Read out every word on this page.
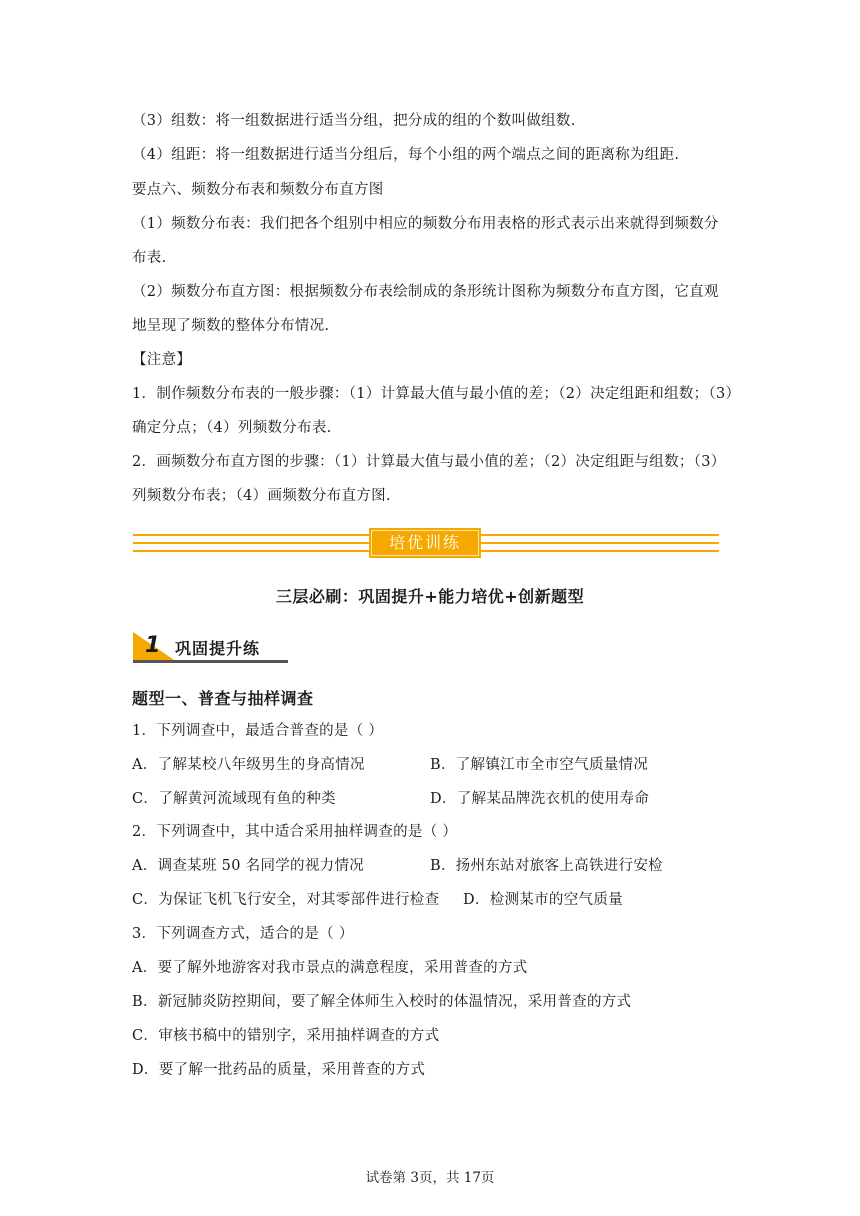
（3）组数：将一组数据进行适当分组，把分成的组的个数叫做组数.
（4）组距：将一组数据进行适当分组后，每个小组的两个端点之间的距离称为组距.
要点六、频数分布表和频数分布直方图
（1）频数分布表：我们把各个组别中相应的频数分布用表格的形式表示出来就得到频数分
布表.
（2）频数分布直方图：根据频数分布表绘制成的条形统计图称为频数分布直方图，它直观
地呈现了频数的整体分布情况.
【注意】
1．制作频数分布表的一般步骤：（1）计算最大值与最小值的差；（2）决定组距和组数；（3）
确定分点；（4）列频数分布表.
2．画频数分布直方图的步骤：（1）计算最大值与最小值的差；（2）决定组距与组数；（3）
列频数分布表；（4）画频数分布直方图.
培优训练
三层必刷：巩固提升+能力培优+创新题型
1 巩固提升练
题型一、普查与抽样调查
1．下列调查中，最适合普查的是（ ）
A．了解某校八年级男生的身高情况	B．了解镇江市全市空气质量情况
C．了解黄河流域现有鱼的种类	D．了解某品牌洗衣机的使用寿命
2．下列调查中，其中适合采用抽样调查的是（ ）
A．调查某班 50 名同学的视力情况	B．扬州东站对旅客上高铁进行安检
C．为保证飞机飞行安全，对其零部件进行检查 D．检测某市的空气质量
3．下列调查方式，适合的是（ ）
A．要了解外地游客对我市景点的满意程度，采用普查的方式
B．新冠肺炎防控期间，要了解全体师生入校时的体温情况，采用普查的方式
C．审核书稿中的错别字，采用抽样调查的方式
D．要了解一批药品的质量，采用普查的方式
试卷第 3页，共 17页
